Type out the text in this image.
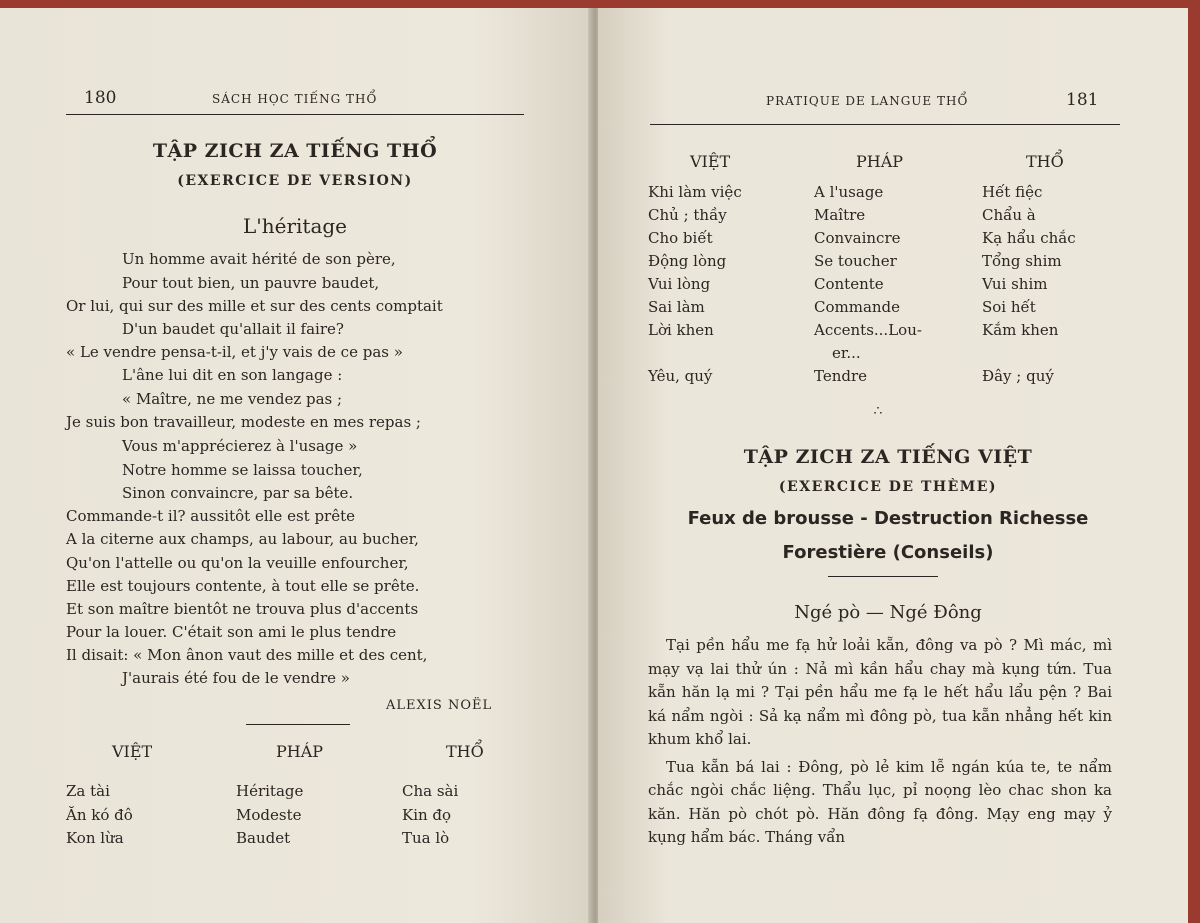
180	SÁCH HỌC TIẾNG THỔ
TẬP ZICH ZA TIẾNG THỔ
(EXERCICE DE VERSION)
L'héritage
Un homme avait hérité de son père,
Pour tout bien, un pauvre baudet,
Or lui, qui sur des mille et sur des cents comptait
D'un baudet qu'allait il faire?
« Le vendre pensa-t-il, et j'y vais de ce pas »
L'âne lui dit en son langage :
« Maître, ne me vendez pas ;
Je suis bon travailleur, modeste en mes repas ;
Vous m'apprécierez à l'usage »
Notre homme se laissa toucher,
Sinon convaincre, par sa bête.
Commande-t il? aussitôt elle est prête
A la citerne aux champs, au labour, au bucher,
Qu'on l'attelle ou qu'on la veuille enfourcher,
Elle est toujours contente, à tout elle se prête.
Et son maître bientôt ne trouva plus d'accents
Pour la louer. C'était son ami le plus tendre
Il disait: « Mon ânon vaut des mille et des cent,
J'aurais été fou de le vendre »
ALEXIS NOËL
VIỆT	PHÁP	THỔ
Za tài	Héritage	Cha sài
Ăn kó đô	Modeste	Kin đọ
Kon lừa	Baudet	Tua lò
PRATIQUE DE LANGUE THỔ	181
VIỆT	PHÁP	THỔ
Khi làm việc	A l'usage	Hết fiệc
Chủ ; thầy	Maître	Chẩu à
Cho biết	Convaincre	Kạ hẩu chắc
Động lòng	Se toucher	Tổng shim
Vui lòng	Contente	Vui shim
Sai làm	Commande	Soi hết
Lời khen	Accents...Lou-	Kắm khen
er...
Yêu, quý	Tendre	Đây ; quý
∴
TẬP ZICH ZA TIẾNG VIỆT
(EXERCICE DE THÈME)
Feux de brousse - Destruction Richesse
Forestière (Conseils)
Ngé pò — Ngé Đông

Tại pền hẩu me fạ hử loải kẵn, đông va pò ? Mì mác, mì mạy vạ lai thử ún : Nả mì kần hẩu chay mà kụng tứn. Tua kẵn hăn lạ mi ? Tại pền hẩu me fạ le hết hẩu lẩu pện ? Bai ká nẩm ngòi : Sả kạ nẩm mì đông pò, tua kẵn nhẳng hết kin khum khổ lai.

Tua kẵn bá lai : Đông, pò lẻ kim lễ ngán kúa te, te nẩm chắc ngòi chắc liệng. Thẩu lục, pỉ noọng lèo chac shon ka kăn. Hăn pò chót pò. Hăn đông fạ đông. Mạy eng mạy ỷ kụng hẩm bác. Tháng vẩn
